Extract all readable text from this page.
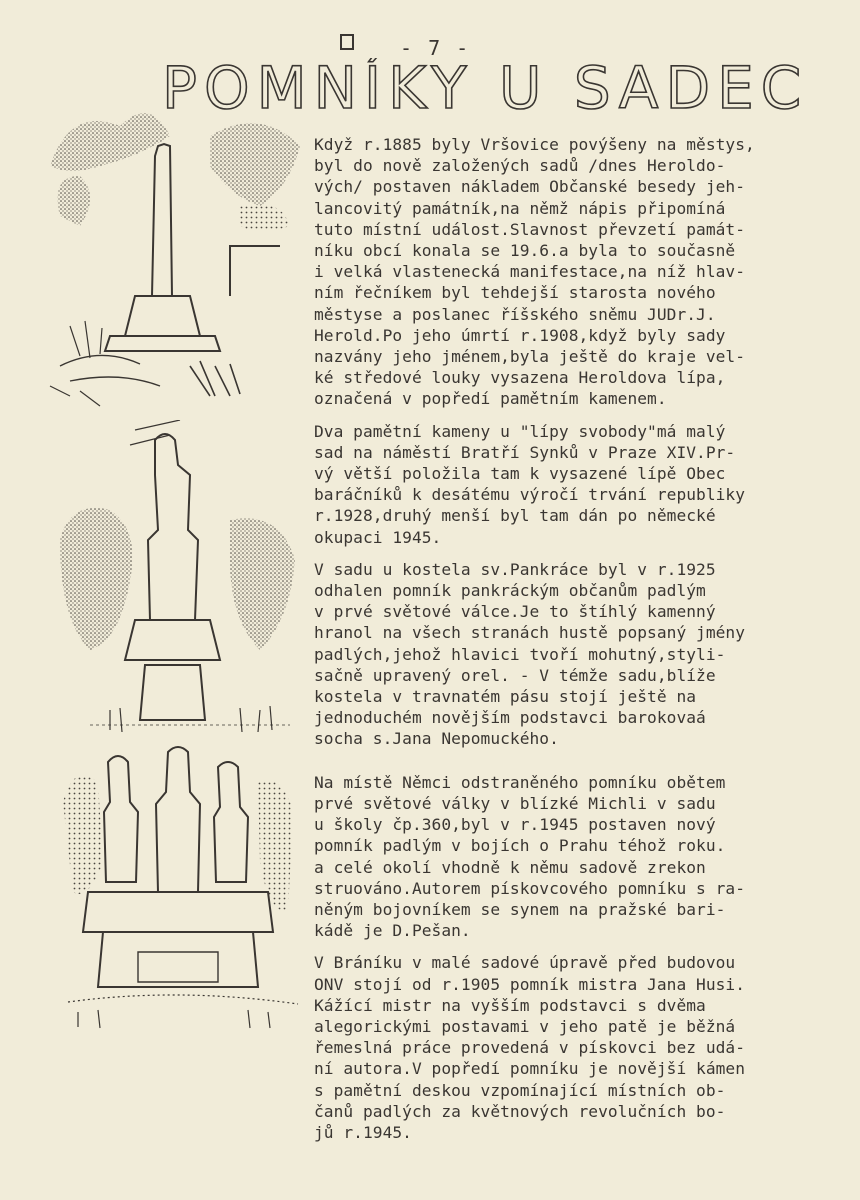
- 7 -
POMNÍKY U SADECH
Když r.1885 byly Vršovice povýšeny na městys,
byl do nově založených sadů /dnes Heroldo-
vých/ postaven nákladem Občanské besedy jeh-
lancovitý památník,na němž nápis připomíná
tuto místní událost.Slavnost převzetí památ-
níku obcí konala se 19.6.a byla to současně
i velká vlastenecká manifestace,na níž hlav-
ním řečníkem byl tehdejší starosta nového
městyse a poslanec říšského sněmu JUDr.J.
Herold.Po jeho úmrtí r.1908,když byly sady
nazvány jeho jménem,byla ještě do kraje vel-
ké středové louky vysazena Heroldova lípa,
označená v popředí pamětním kamenem.
Dva pamětní kameny u "lípy svobody"má malý
sad na náměstí Bratří Synků v Praze XIV.Pr-
vý větší položila tam k vysazené lípě Obec
baráčníků k desátému výročí trvání republiky
r.1928,druhý menší byl tam dán po německé
okupaci 1945.
V sadu u kostela sv.Pankráce byl v r.1925
odhalen pomník pankráckým občanům padlým
v prvé světové válce.Je to štíhlý kamenný
hranol na všech stranách hustě popsaný jmény
padlých,jehož hlavici tvoří mohutný,styli-
sačně upravený orel. - V témže sadu,blíže
kostela v travnatém pásu stojí ještě na
jednoduchém novějším podstavci barokovaá
socha s.Jana Nepomuckého.
Na místě Němci odstraněného pomníku obětem
prvé světové války v blízké Michli v sadu
u školy čp.360,byl v r.1945 postaven nový
pomník padlým v bojích o Prahu téhož roku.
a celé okolí vhodně k němu sadově zrekon
struováno.Autorem pískovcového pomníku s ra-
něným bojovníkem se synem na pražské bari-
kádě je D.Pešan.
V Bráníku v malé sadové úpravě před budovou
ONV stojí od r.1905 pomník mistra Jana Husi.
Kážící mistr na vyšším podstavci s dvěma
alegorickými postavami v jeho patě je běžná
řemeslná práce provedená v pískovci bez udá-
ní autora.V popředí pomníku je novější kámen
s pamětní deskou vzpomínající místních ob-
čanů padlých za květnových revolučních bo-
jů r.1945.
